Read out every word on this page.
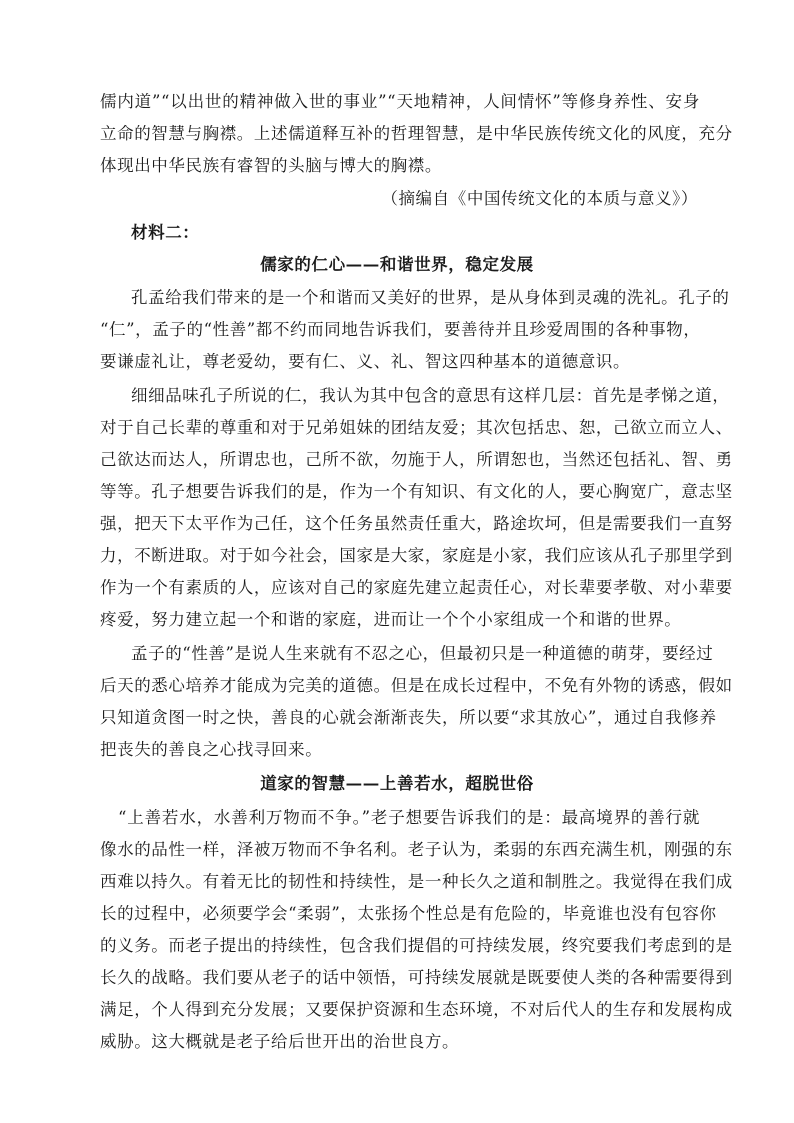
儒内道”“以出世的精神做入世的事业”“天地精神，人间情怀”等修身养性、安身
立命的智慧与胸襟。上述儒道释互补的哲理智慧，是中华民族传统文化的风度，充分
体现出中华民族有睿智的头脑与博大的胸襟。
（摘编自《中国传统文化的本质与意义》）
材料二：
儒家的仁心——和谐世界，稳定发展
孔孟给我们带来的是一个和谐而又美好的世界，是从身体到灵魂的洗礼。孔子的
“仁”，孟子的“性善”都不约而同地告诉我们，要善待并且珍爱周围的各种事物，
要谦虚礼让，尊老爱幼，要有仁、义、礼、智这四种基本的道德意识。
细细品味孔子所说的仁，我认为其中包含的意思有这样几层：首先是孝悌之道，
对于自己长辈的尊重和对于兄弟姐妹的团结友爱；其次包括忠、恕，己欲立而立人、
己欲达而达人，所谓忠也，己所不欲，勿施于人，所谓恕也，当然还包括礼、智、勇
等等。孔子想要告诉我们的是，作为一个有知识、有文化的人，要心胸宽广，意志坚
强，把天下太平作为己任，这个任务虽然责任重大，路途坎坷，但是需要我们一直努
力，不断进取。对于如今社会，国家是大家，家庭是小家，我们应该从孔子那里学到
作为一个有素质的人，应该对自己的家庭先建立起责任心，对长辈要孝敬、对小辈要
疼爱，努力建立起一个和谐的家庭，进而让一个个小家组成一个和谐的世界。
孟子的“性善”是说人生来就有不忍之心，但最初只是一种道德的萌芽，要经过
后天的悉心培养才能成为完美的道德。但是在成长过程中，不免有外物的诱惑，假如
只知道贪图一时之快，善良的心就会渐渐丧失，所以要“求其放心”，通过自我修养
把丧失的善良之心找寻回来。
道家的智慧——上善若水，超脱世俗
“上善若水，水善利万物而不争。”老子想要告诉我们的是：最高境界的善行就
像水的品性一样，泽被万物而不争名利。老子认为，柔弱的东西充满生机，刚强的东
西难以持久。有着无比的韧性和持续性，是一种长久之道和制胜之。我觉得在我们成
长的过程中，必须要学会“柔弱”，太张扬个性总是有危险的，毕竟谁也没有包容你
的义务。而老子提出的持续性，包含我们提倡的可持续发展，终究要我们考虑到的是
长久的战略。我们要从老子的话中领悟，可持续发展就是既要使人类的各种需要得到
满足，个人得到充分发展；又要保护资源和生态环境，不对后代人的生存和发展构成
威胁。这大概就是老子给后世开出的治世良方。
